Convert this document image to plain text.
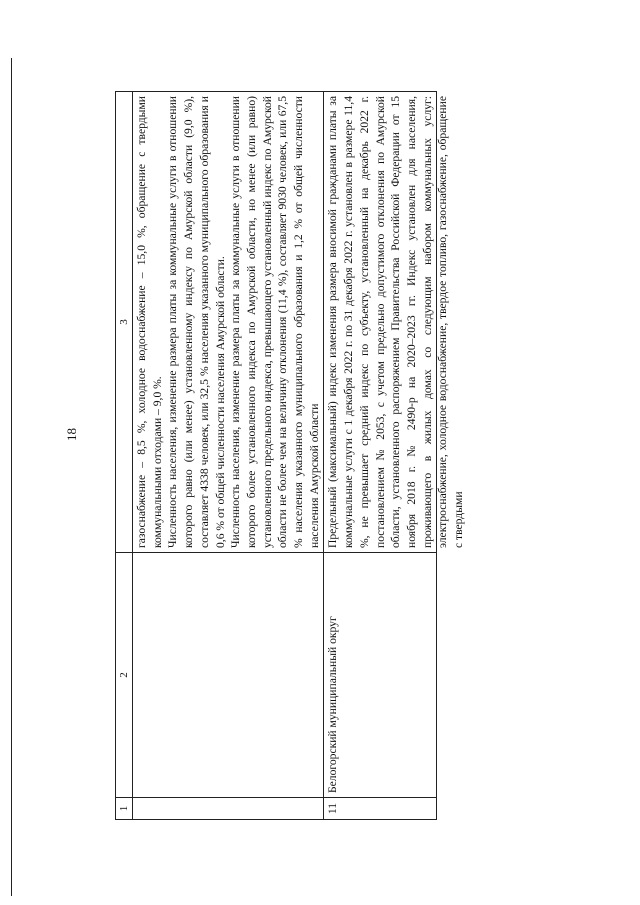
18
1	2	3

		газоснабжение – 8,5 %, холодное водоснабжение – 15,0 %, обращение с твердыми коммунальными отходами – 9,0 %. Численность населения, изменение размера платы за коммунальные услуги в отношении которого равно (или менее) установленному индексу по Амурской области (9,0 %), составляет 4338 человек, или 32,5 % населения указанного муниципального образования и 0,6 % от общей численности населения Амурской области. Численность населения, изменение размера платы за коммунальные услуги в отношении которого более установленного индекса по Амурской области, но менее (или равно) установленного предельного индекса, превышающего установленный индекс по Амурской области не более чем на величину отклонения (11,4 %), составляет 9030 человек, или 67,5 % населения указанного муниципального образования и 1,2 % от общей численности населения Амурской области

11	Белогорский муниципальный округ	Предельный (максимальный) индекс изменения размера вносимой гражданами платы за коммунальные услуги с 1 декабря 2022 г. по 31 декабря 2022 г. установлен в размере 11,4 %, не превышает средний индекс по субъекту, установленный на декабрь 2022 г. постановлением № 2053, с учетом предельно допустимого отклонения по Амурской области, установленного распоряжением Правительства Российской Федерации от 15 ноября 2018 г. № 2490-р на 2020–2023 гг. Индекс установлен для населения, проживающего в жилых домах со следующим набором коммунальных услуг: электроснабжение, холодное водоснабжение, твердое топливо, газоснабжение, обращение с твердыми
